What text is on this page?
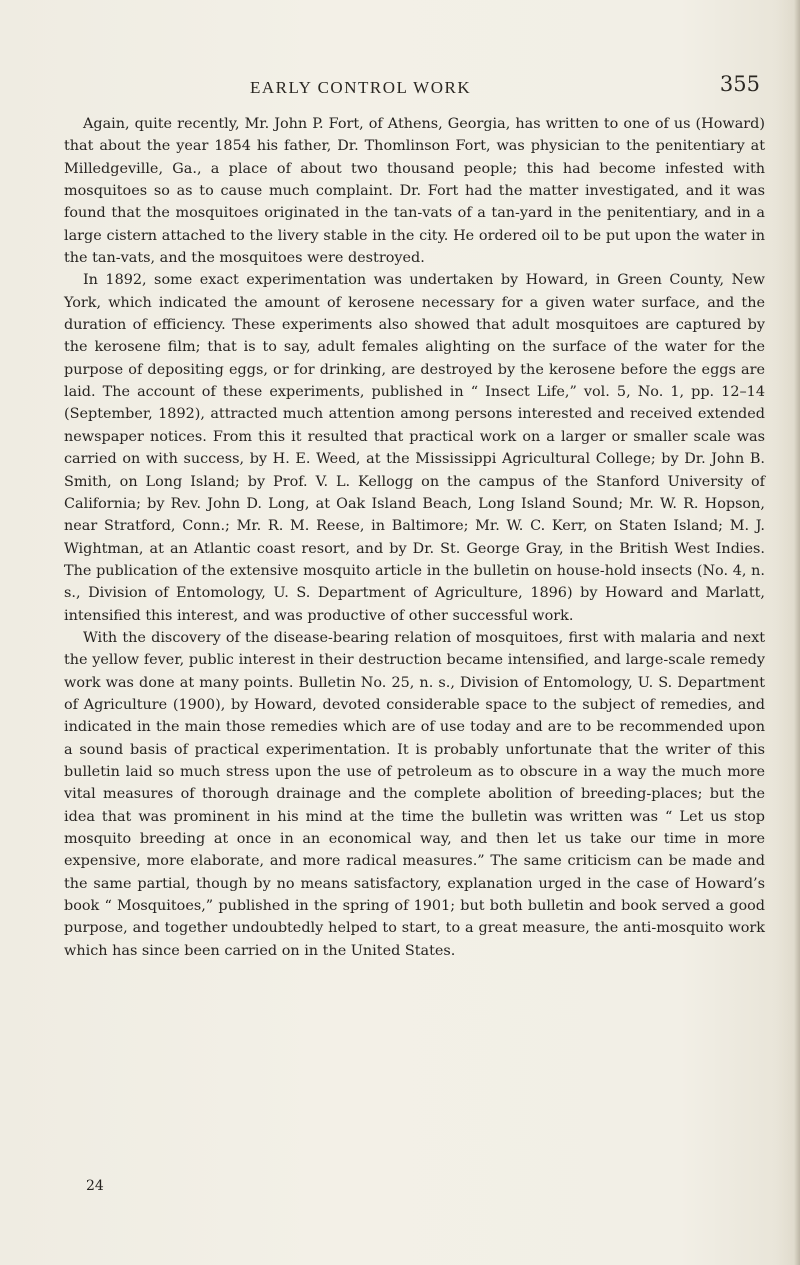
EARLY CONTROL WORK	355

Again, quite recently, Mr. John P. Fort, of Athens, Georgia, has written to one of us (Howard) that about the year 1854 his father, Dr. Thomlinson Fort, was physician to the penitentiary at Milledgeville, Ga., a place of about two thousand people; this had become infested with mosquitoes so as to cause much complaint. Dr. Fort had the matter investigated, and it was found that the mosquitoes originated in the tan-vats of a tan-yard in the penitentiary, and in a large cistern attached to the livery stable in the city. He ordered oil to be put upon the water in the tan-vats, and the mosquitoes were destroyed.

In 1892, some exact experimentation was undertaken by Howard, in Green County, New York, which indicated the amount of kerosene necessary for a given water surface, and the duration of efficiency. These experiments also showed that adult mosquitoes are captured by the kerosene film; that is to say, adult females alighting on the surface of the water for the purpose of depositing eggs, or for drinking, are destroyed by the kerosene before the eggs are laid. The account of these experiments, published in “ Insect Life,” vol. 5, No. 1, pp. 12–14 (September, 1892), attracted much attention among persons interested and received extended newspaper notices. From this it resulted that practical work on a larger or smaller scale was carried on with success, by H. E. Weed, at the Mississippi Agricultural College; by Dr. John B. Smith, on Long Island; by Prof. V. L. Kellogg on the campus of the Stanford University of California; by Rev. John D. Long, at Oak Island Beach, Long Island Sound; Mr. W. R. Hopson, near Stratford, Conn.; Mr. R. M. Reese, in Baltimore; Mr. W. C. Kerr, on Staten Island; M. J. Wightman, at an Atlantic coast resort, and by Dr. St. George Gray, in the British West Indies. The publication of the extensive mosquito article in the bulletin on house-hold insects (No. 4, n. s., Division of Entomology, U. S. Department of Agriculture, 1896) by Howard and Marlatt, intensified this interest, and was productive of other successful work.

With the discovery of the disease-bearing relation of mosquitoes, first with malaria and next the yellow fever, public interest in their destruction became intensified, and large-scale remedy work was done at many points. Bulletin No. 25, n. s., Division of Entomology, U. S. Department of Agriculture (1900), by Howard, devoted considerable space to the subject of remedies, and indicated in the main those remedies which are of use today and are to be recommended upon a sound basis of practical experimentation. It is probably unfortunate that the writer of this bulletin laid so much stress upon the use of petroleum as to obscure in a way the much more vital measures of thorough drainage and the complete abolition of breeding-places; but the idea that was prominent in his mind at the time the bulletin was written was “ Let us stop mosquito breeding at once in an economical way, and then let us take our time in more expensive, more elaborate, and more radical measures.” The same criticism can be made and the same partial, though by no means satisfactory, explanation urged in the case of Howard’s book “ Mosquitoes,” published in the spring of 1901; but both bulletin and book served a good purpose, and together undoubtedly helped to start, to a great measure, the anti-mosquito work which has since been carried on in the United States.

24
